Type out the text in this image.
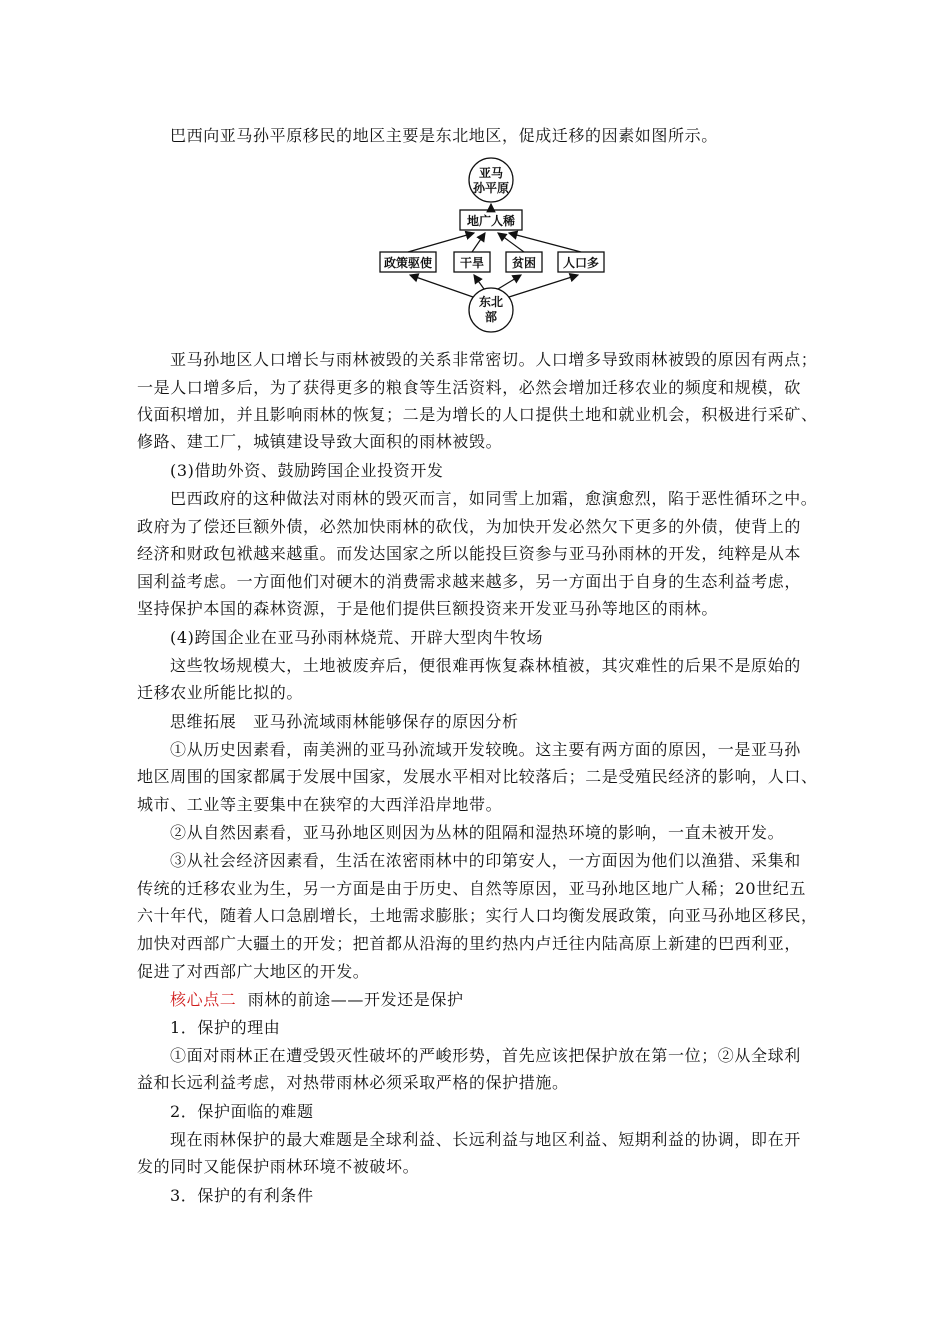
巴西向亚马孙平原移民的地区主要是东北地区，促成迁移的因素如图所示。
亚马
孙平原
地广人稀
政策驱使 干旱 贫困 人口多
东北
部
亚马孙地区人口增长与雨林被毁的关系非常密切。人口增多导致雨林被毁的原因有两点；
一是人口增多后，为了获得更多的粮食等生活资料，必然会增加迁移农业的频度和规模，砍
伐面积增加，并且影响雨林的恢复；二是为增长的人口提供土地和就业机会，积极进行采矿、
修路、建工厂，城镇建设导致大面积的雨林被毁。
(3)借助外资、鼓励跨国企业投资开发
巴西政府的这种做法对雨林的毁灭而言，如同雪上加霜，愈演愈烈，陷于恶性循环之中。
政府为了偿还巨额外债，必然加快雨林的砍伐，为加快开发必然欠下更多的外债，使背上的
经济和财政包袱越来越重。而发达国家之所以能投巨资参与亚马孙雨林的开发，纯粹是从本
国利益考虑。一方面他们对硬木的消费需求越来越多，另一方面出于自身的生态利益考虑，
坚持保护本国的森林资源，于是他们提供巨额投资来开发亚马孙等地区的雨林。
(4)跨国企业在亚马孙雨林烧荒、开辟大型肉牛牧场
这些牧场规模大，土地被废弃后，便很难再恢复森林植被，其灾难性的后果不是原始的
迁移农业所能比拟的。
思维拓展　亚马孙流域雨林能够保存的原因分析
①从历史因素看，南美洲的亚马孙流域开发较晚。这主要有两方面的原因，一是亚马孙
地区周围的国家都属于发展中国家，发展水平相对比较落后；二是受殖民经济的影响，人口、
城市、工业等主要集中在狭窄的大西洋沿岸地带。
②从自然因素看，亚马孙地区则因为丛林的阻隔和湿热环境的影响，一直未被开发。
③从社会经济因素看，生活在浓密雨林中的印第安人，一方面因为他们以渔猎、采集和
传统的迁移农业为生，另一方面是由于历史、自然等原因，亚马孙地区地广人稀；20世纪五
六十年代，随着人口急剧增长，土地需求膨胀；实行人口均衡发展政策，向亚马孙地区移民，
加快对西部广大疆土的开发；把首都从沿海的里约热内卢迁往内陆高原上新建的巴西利亚，
促进了对西部广大地区的开发。
核心点二 雨林的前途——开发还是保护
1．保护的理由
①面对雨林正在遭受毁灭性破坏的严峻形势，首先应该把保护放在第一位；②从全球利
益和长远利益考虑，对热带雨林必须采取严格的保护措施。
2．保护面临的难题
现在雨林保护的最大难题是全球利益、长远利益与地区利益、短期利益的协调，即在开
发的同时又能保护雨林环境不被破坏。
3．保护的有利条件
